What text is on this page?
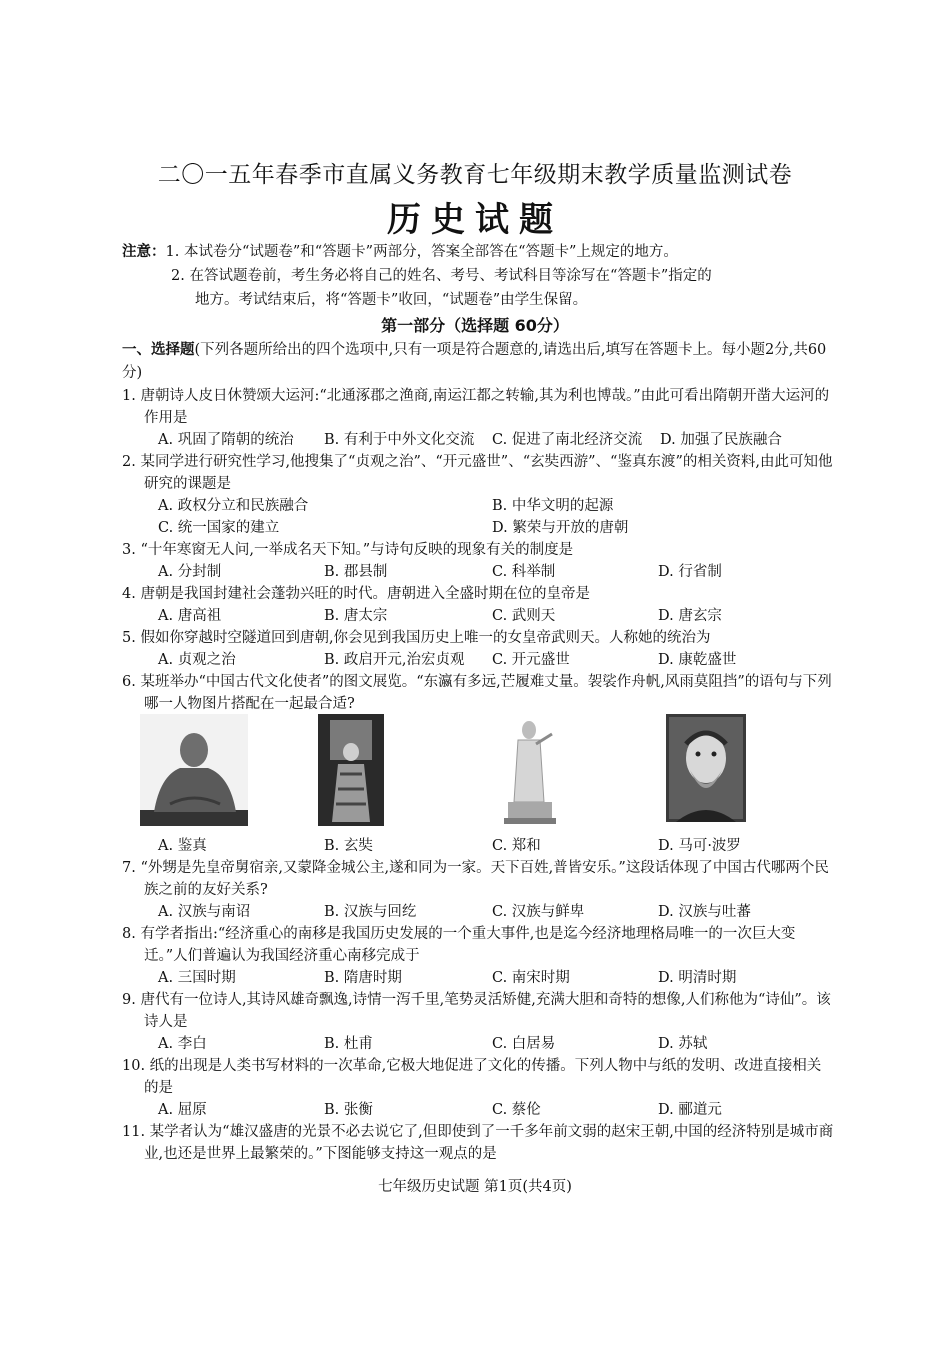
二〇一五年春季市直属义务教育七年级期末教学质量监测试卷
历史试题
注意：1. 本试卷分“试题卷”和“答题卡”两部分，答案全部答在“答题卡”上规定的地方。
2. 在答试题卷前，考生务必将自己的姓名、考号、考试科目等涂写在“答题卡”指定的
地方。考试结束后，将“答题卡”收回，“试题卷”由学生保留。
第一部分（选择题 60分）
一、选择题(下列各题所给出的四个选项中,只有一项是符合题意的,请选出后,填写在答题卡上。每小题2分,共60分)
1. 唐朝诗人皮日休赞颂大运河:“北通涿郡之渔商,南运江都之转输,其为利也博哉。”由此可看出隋朝开凿大运河的作用是
A. 巩固了隋朝的统治 B. 有利于中外文化交流 C. 促进了南北经济交流 D. 加强了民族融合
2. 某同学进行研究性学习,他搜集了“贞观之治”、“开元盛世”、“玄奘西游”、“鉴真东渡”的相关资料,由此可知他研究的课题是
A. 政权分立和民族融合	B. 中华文明的起源
C. 统一国家的建立	D. 繁荣与开放的唐朝
3. “十年寒窗无人问,一举成名天下知。”与诗句反映的现象有关的制度是
A. 分封制	B. 郡县制	C. 科举制	D. 行省制
4. 唐朝是我国封建社会蓬勃兴旺的时代。唐朝进入全盛时期在位的皇帝是
A. 唐高祖	B. 唐太宗	C. 武则天	D. 唐玄宗
5. 假如你穿越时空隧道回到唐朝,你会见到我国历史上唯一的女皇帝武则天。人称她的统治为
A. 贞观之治	B. 政启开元,治宏贞观 C. 开元盛世	D. 康乾盛世
6. 某班举办“中国古代文化使者”的图文展览。“东瀛有多远,芒履难丈量。袈裟作舟帆,风雨莫阻挡”的语句与下列哪一人物图片搭配在一起最合适?
A. 鉴真	B. 玄奘	C. 郑和	D. 马可·波罗
7. “外甥是先皇帝舅宿亲,又蒙降金城公主,遂和同为一家。天下百姓,普皆安乐。”这段话体现了中国古代哪两个民族之前的友好关系?
A. 汉族与南诏	B. 汉族与回纥	C. 汉族与鲜卑	D. 汉族与吐蕃
8. 有学者指出:“经济重心的南移是我国历史发展的一个重大事件,也是迄今经济地理格局唯一的一次巨大变迁。”人们普遍认为我国经济重心南移完成于
A. 三国时期	B. 隋唐时期	C. 南宋时期	D. 明清时期
9. 唐代有一位诗人,其诗风雄奇飘逸,诗情一泻千里,笔势灵活矫健,充满大胆和奇特的想像,人们称他为“诗仙”。该诗人是
A. 李白	B. 杜甫	C. 白居易	D. 苏轼
10. 纸的出现是人类书写材料的一次革命,它极大地促进了文化的传播。下列人物中与纸的发明、改进直接相关的是
A. 屈原	B. 张衡	C. 蔡伦	D. 郦道元
11. 某学者认为“雄汉盛唐的光景不必去说它了,但即使到了一千多年前文弱的赵宋王朝,中国的经济特别是城市商业,也还是世界上最繁荣的。”下图能够支持这一观点的是
七年级历史试题 第1页(共4页)
